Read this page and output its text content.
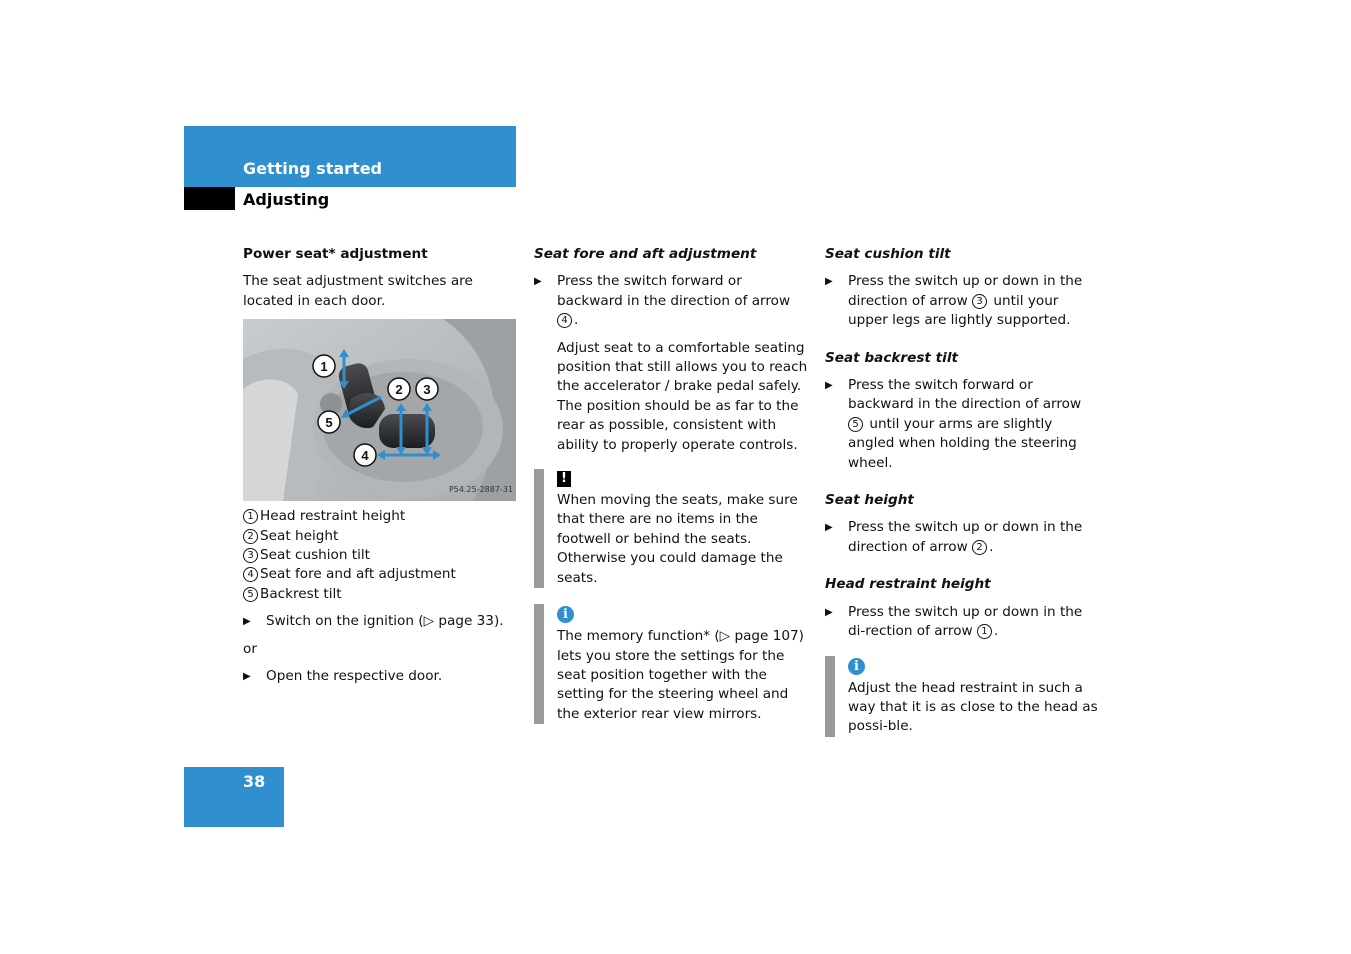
Getting started
Adjusting
Power seat* adjustment

The seat adjustment switches are located in each door.

1
2 3
5
4
P54.25-2887-31
1 Head restraint height
2 Seat height
3 Seat cushion tilt
4 Seat fore and aft adjustment
5 Backrest tilt
▶ Switch on the ignition (▷ page 33).

or

▶ Open the respective door.
Seat fore and aft adjustment
▶ Press the switch forward or backward in the direction of arrow 4 .

Adjust seat to a comfortable seating position that still allows you to reach the accelerator / brake pedal safely. The position should be as far to the rear as possible, consistent with ability to properly operate controls.

!
When moving the seats, make sure that there are no items in the footwell or behind the seats. Otherwise you could damage the seats.
i
The memory function* (▷ page 107) lets you store the settings for the seat position together with the setting for the steering wheel and the exterior rear view mirrors.
Seat cushion tilt
▶ Press the switch up or down in the direction of arrow 3 until your upper legs are lightly supported.
Seat backrest tilt
▶ Press the switch forward or backward in the direction of arrow 5 until your arms are slightly angled when holding the steering wheel.
Seat height
▶ Press the switch up or down in the direction of arrow 2 .
Head restraint height
▶ Press the switch up or down in the di-rection of arrow 1 .
i
Adjust the head restraint in such a way that it is as close to the head as possi-ble.
38
